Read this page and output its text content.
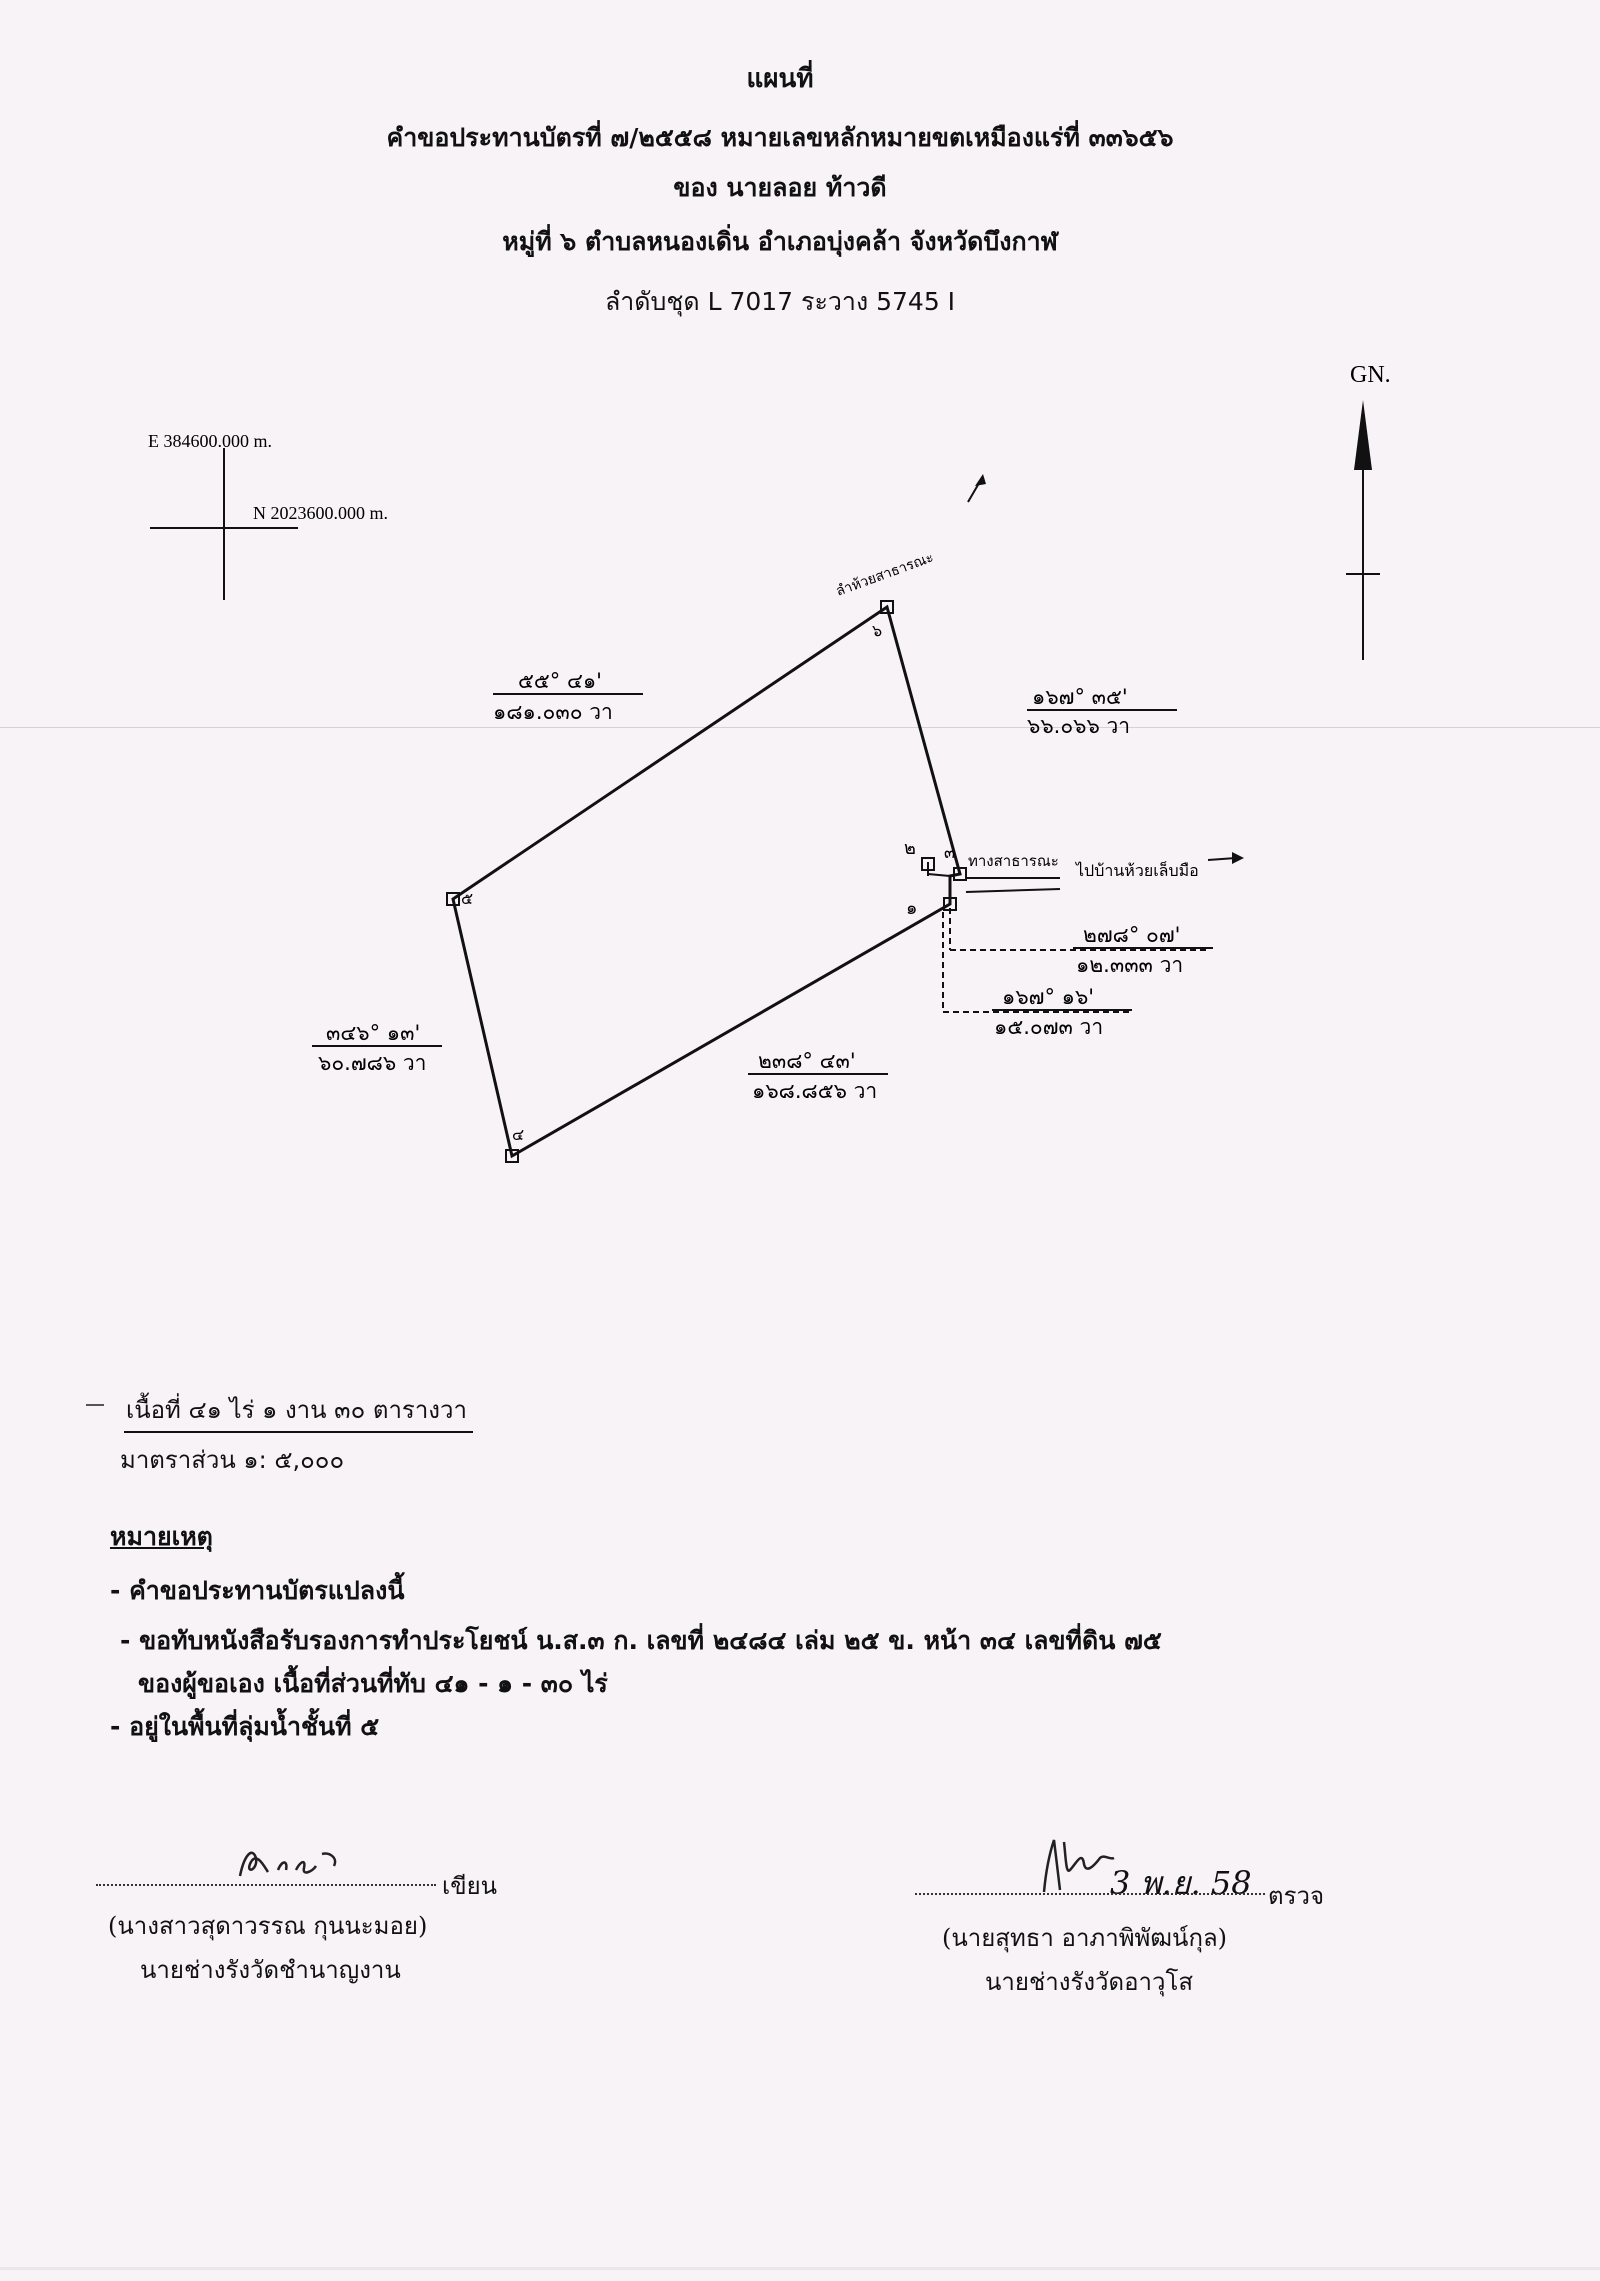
แผนที่
คำขอประทานบัตรที่ ๗/๒๕๕๘ หมายเลขหลักหมายขตเหมืองแร่ที่ ๓๓๖๕๖
ของ นายลอย ท้าวดี
หมู่ที่ ๖ ตำบลหนองเดิ่น อำเภอบุ่งคล้า จังหวัดบึงกาฬ
ลำดับชุด L 7017 ระวาง 5745 I
GN.
E 384600.000 m.
N 2023600.000 m.
๖
๓
๒
๑
๔
๕
ลำห้วยสาธารณะ
ทางสาธารณะ ไปบ้านห้วยเล็บมือ
๕๕° ๔๑'
๑๘๑.๐๓๐ วา
๑๖๗° ๓๕'
๖๖.๐๖๖ วา
๒๗๘° ๐๗'
๑๒.๓๓๓ วา
๑๖๗° ๑๖'
๑๕.๐๗๓ วา
๒๓๘° ๔๓'
๑๖๘.๘๕๖ วา
๓๔๖° ๑๓'
๖๐.๗๘๖ วา
เนื้อที่ ๔๑ ไร่ ๑ งาน ๓๐ ตารางวา
มาตราส่วน ๑: ๕,๐๐๐
หมายเหตุ
- คำขอประทานบัตรแปลงนี้
- ขอทับหนังสือรับรองการทำประโยชน์ น.ส.๓ ก. เลขที่ ๒๔๘๔ เล่ม ๒๕ ข. หน้า ๓๔ เลขที่ดิน ๗๕
ของผู้ขอเอง เนื้อที่ส่วนที่ทับ ๔๑ - ๑ - ๓๐ ไร่
- อยู่ในพื้นที่ลุ่มน้ำชั้นที่ ๕
เขียน
(นางสาวสุดาวรรณ กุนนะมอย)
นายช่างรังวัดชำนาญงาน
3 พ.ย. 58 ตรวจ
(นายสุทธา อาภาพิพัฒน์กุล)
นายช่างรังวัดอาวุโส
